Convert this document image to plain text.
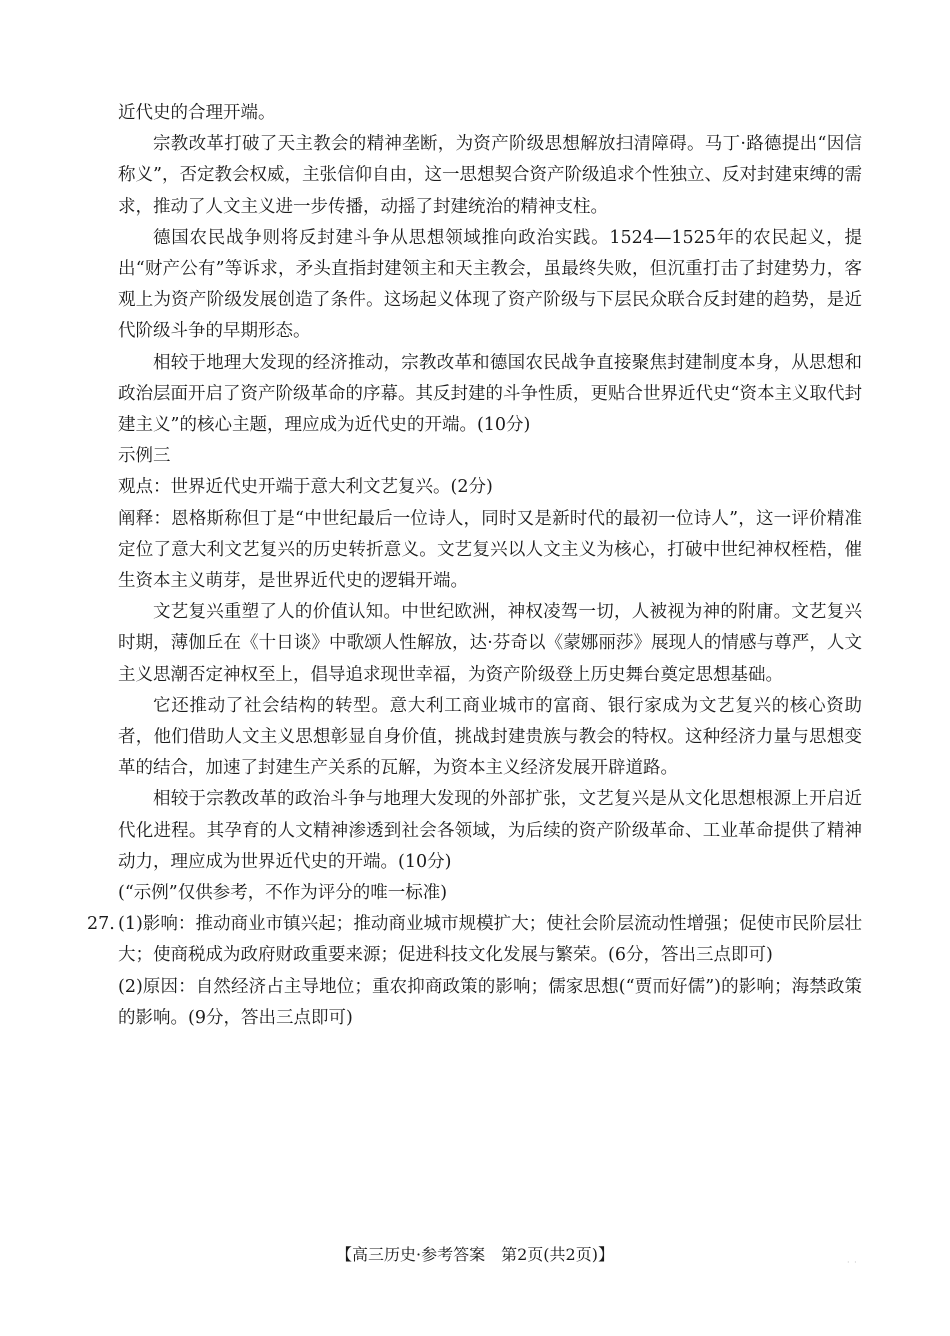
近代史的合理开端。

宗教改革打破了天主教会的精神垄断，为资产阶级思想解放扫清障碍。马丁·路德提出“因信称义”，否定教会权威，主张信仰自由，这一思想契合资产阶级追求个性独立、反对封建束缚的需求，推动了人文主义进一步传播，动摇了封建统治的精神支柱。

德国农民战争则将反封建斗争从思想领域推向政治实践。1524—1525年的农民起义，提出“财产公有”等诉求，矛头直指封建领主和天主教会，虽最终失败，但沉重打击了封建势力，客观上为资产阶级发展创造了条件。这场起义体现了资产阶级与下层民众联合反封建的趋势，是近代阶级斗争的早期形态。

相较于地理大发现的经济推动，宗教改革和德国农民战争直接聚焦封建制度本身，从思想和政治层面开启了资产阶级革命的序幕。其反封建的斗争性质，更贴合世界近代史“资本主义取代封建主义”的核心主题，理应成为近代史的开端。(10分)

示例三

观点：世界近代史开端于意大利文艺复兴。(2分)

阐释：恩格斯称但丁是“中世纪最后一位诗人，同时又是新时代的最初一位诗人”，这一评价精准定位了意大利文艺复兴的历史转折意义。文艺复兴以人文主义为核心，打破中世纪神权桎梏，催生资本主义萌芽，是世界近代史的逻辑开端。

文艺复兴重塑了人的价值认知。中世纪欧洲，神权凌驾一切，人被视为神的附庸。文艺复兴时期，薄伽丘在《十日谈》中歌颂人性解放，达·芬奇以《蒙娜丽莎》展现人的情感与尊严，人文主义思潮否定神权至上，倡导追求现世幸福，为资产阶级登上历史舞台奠定思想基础。

它还推动了社会结构的转型。意大利工商业城市的富商、银行家成为文艺复兴的核心资助者，他们借助人文主义思想彰显自身价值，挑战封建贵族与教会的特权。这种经济力量与思想变革的结合，加速了封建生产关系的瓦解，为资本主义经济发展开辟道路。

相较于宗教改革的政治斗争与地理大发现的外部扩张，文艺复兴是从文化思想根源上开启近代化进程。其孕育的人文精神渗透到社会各领域，为后续的资产阶级革命、工业革命提供了精神动力，理应成为世界近代史的开端。(10分)

(“示例”仅供参考，不作为评分的唯一标准)

27. (1)影响：推动商业市镇兴起；推动商业城市规模扩大；使社会阶层流动性增强；促使市民阶层壮大；使商税成为政府财政重要来源；促进科技文化发展与繁荣。(6分，答出三点即可)

(2)原因：自然经济占主导地位；重农抑商政策的影响；儒家思想(“贾而好儒”)的影响；海禁政策的影响。(9分，答出三点即可)

【高三历史·参考答案　第2页(共2页)】	· ·
